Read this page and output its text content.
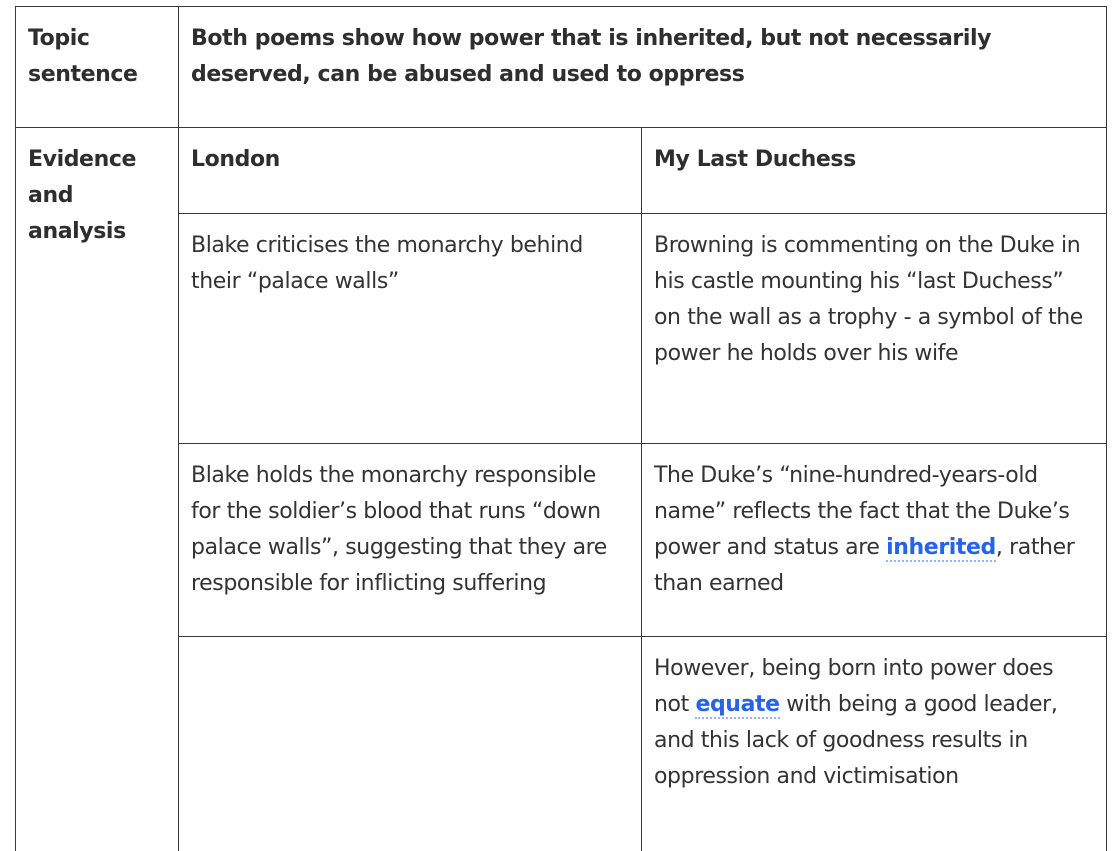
Topic sentence	Both poems show how power that is inherited, but not necessarily deserved, can be abused and used to oppress	
Evidence and analysis	London	My Last Duchess
	Blake criticises the monarchy behind their “palace walls”	Browning is commenting on the Duke in his castle mounting his “last Duchess” on the wall as a trophy - a symbol of the power he holds over his wife
	Blake holds the monarchy responsible for the soldier’s blood that runs “down palace walls”, suggesting that they are responsible for inflicting suffering	The Duke’s “nine-hundred-years-old name” reflects the fact that the Duke’s power and status are inherited, rather than earned
		However, being born into power does not equate with being a good leader, and this lack of goodness results in oppression and victimisation
